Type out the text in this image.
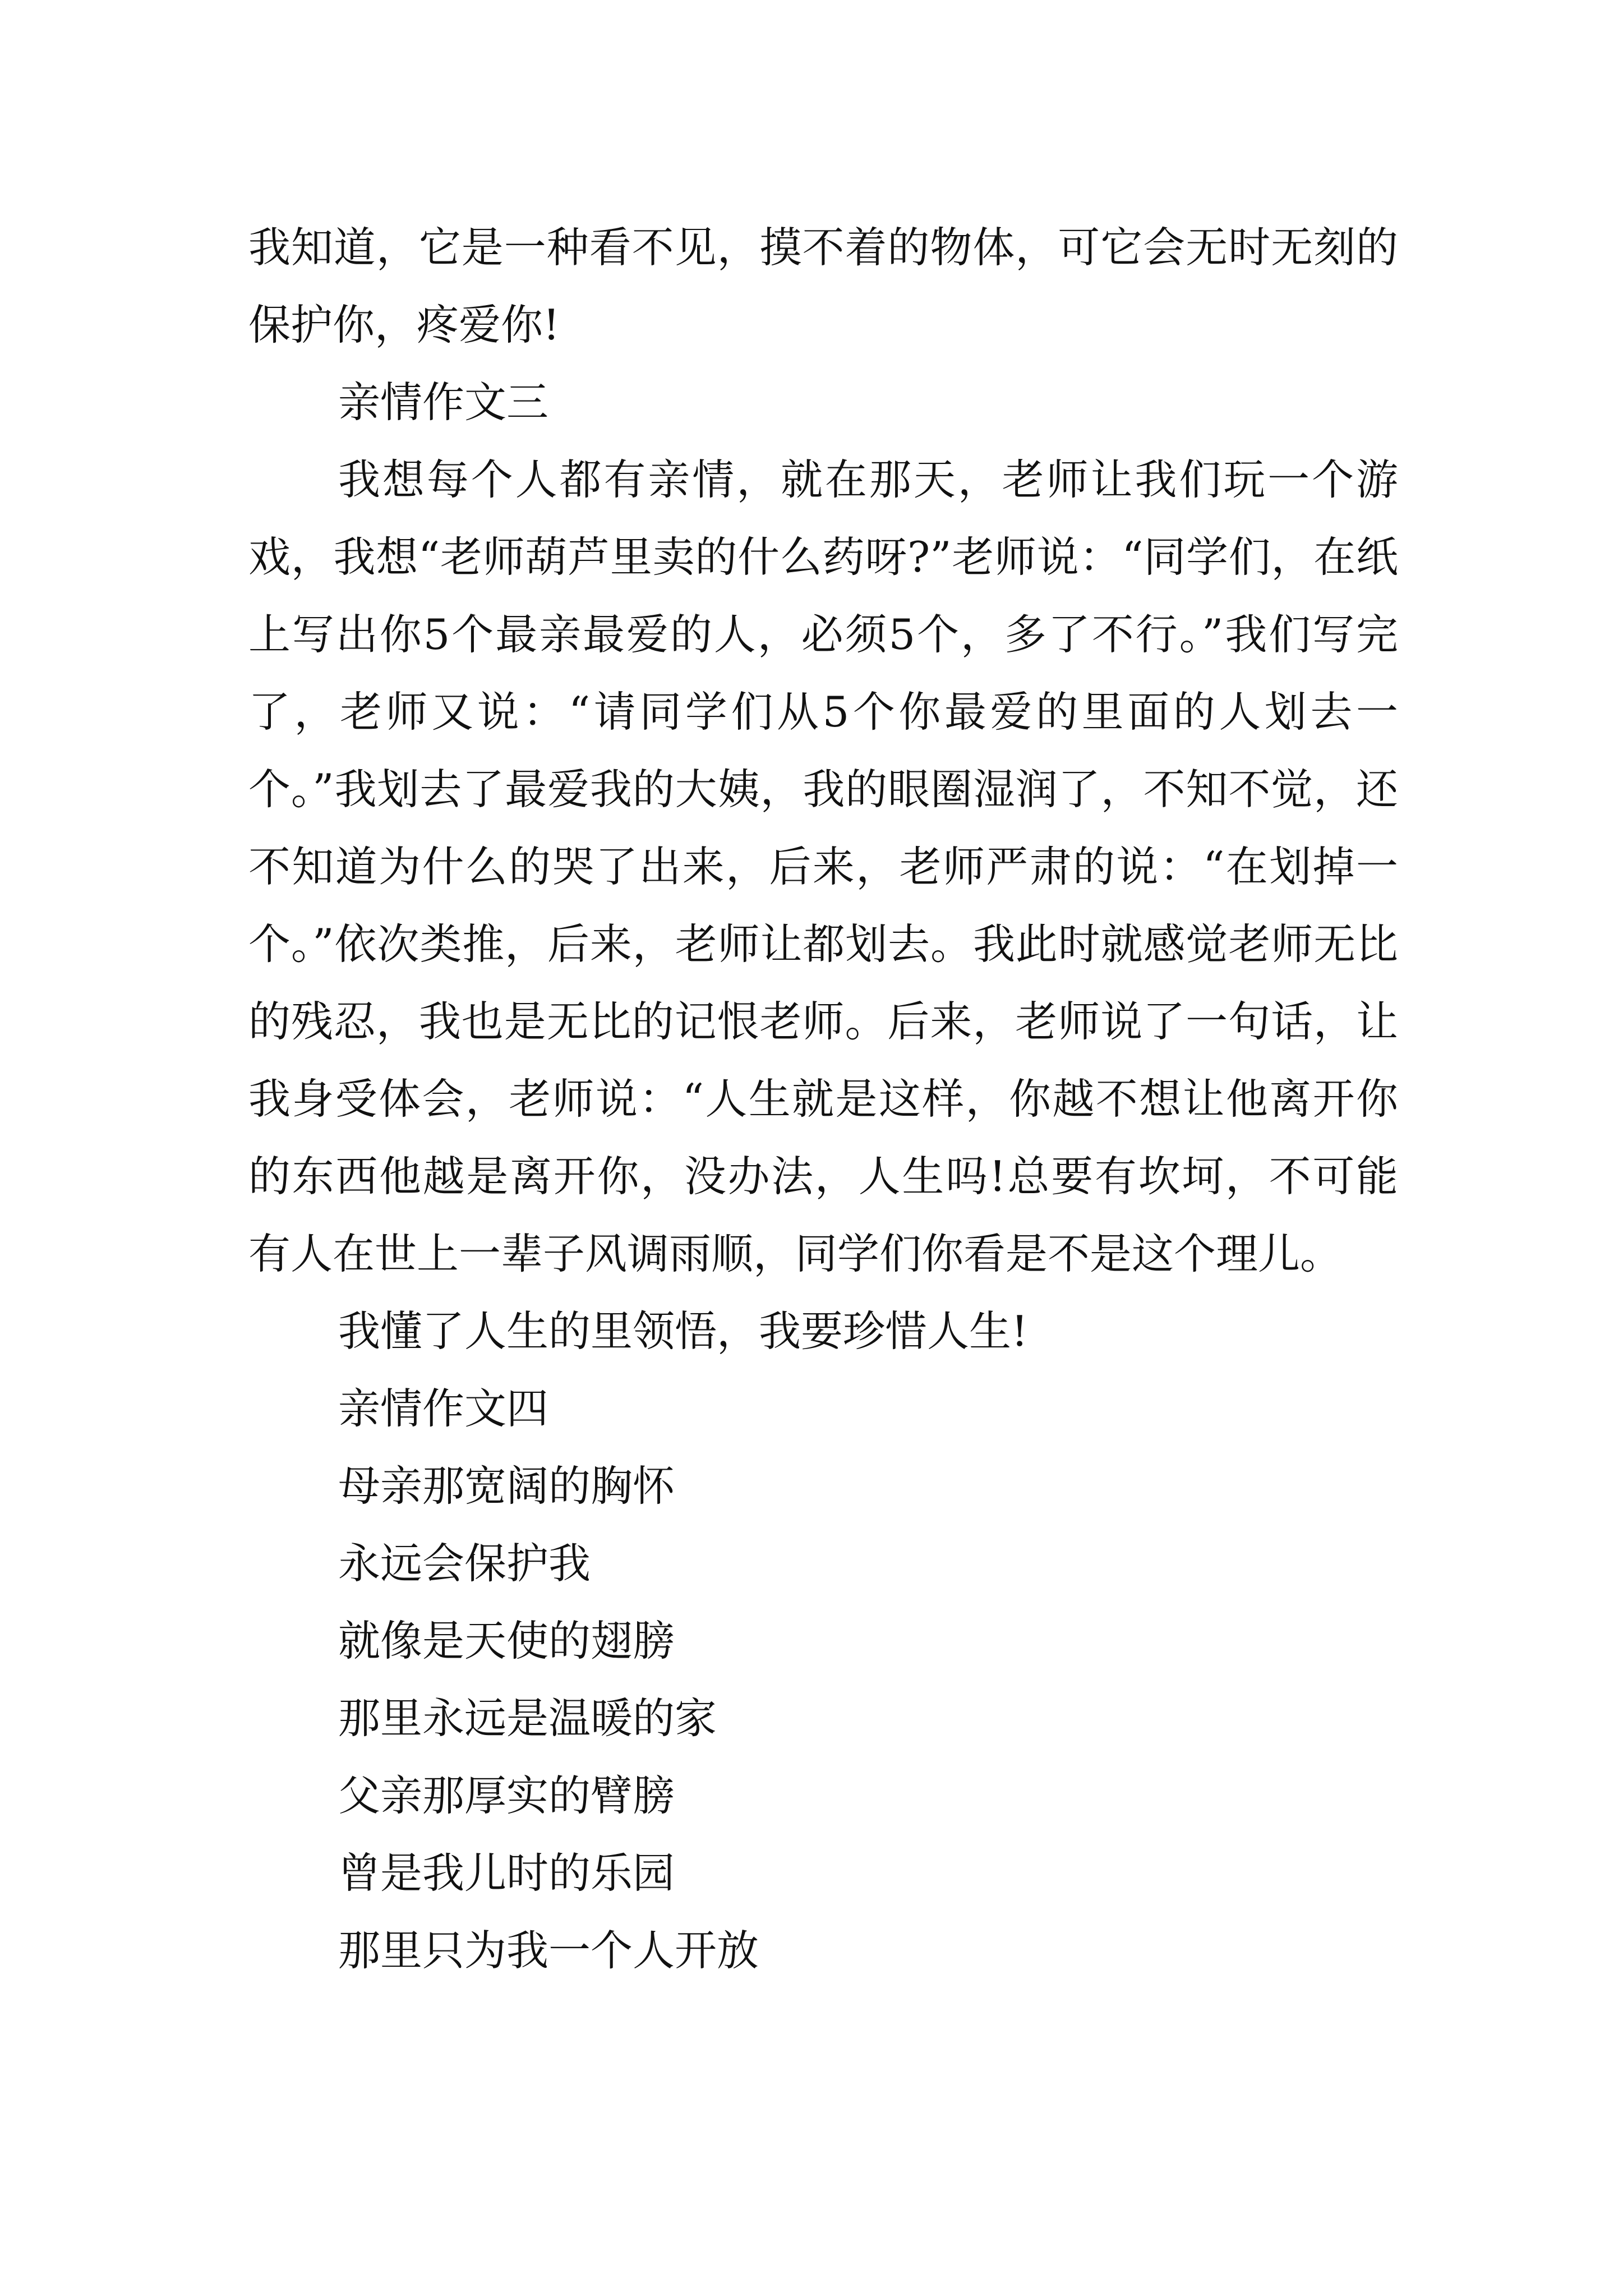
我知道，它是一种看不见，摸不着的物体，可它会无时无刻的保护你，疼爱你!

亲情作文三

我想每个人都有亲情，就在那天，老师让我们玩一个游戏，我想“老师葫芦里卖的什么药呀?”老师说：“同学们，在纸上写出你5个最亲最爱的人，必须5个，多了不行。”我们写完了，老师又说：“请同学们从5个你最爱的里面的人划去一个。”我划去了最爱我的大姨，我的眼圈湿润了，不知不觉，还不知道为什么的哭了出来，后来，老师严肃的说：“在划掉一个。”依次类推，后来，老师让都划去。我此时就感觉老师无比的残忍，我也是无比的记恨老师。后来，老师说了一句话，让我身受体会，老师说：“人生就是这样，你越不想让他离开你的东西他越是离开你，没办法，人生吗!总要有坎坷，不可能有人在世上一辈子风调雨顺，同学们你看是不是这个理儿。

我懂了人生的里领悟，我要珍惜人生!

亲情作文四

母亲那宽阔的胸怀

永远会保护我

就像是天使的翅膀

那里永远是温暖的家

父亲那厚实的臂膀

曾是我儿时的乐园

那里只为我一个人开放
